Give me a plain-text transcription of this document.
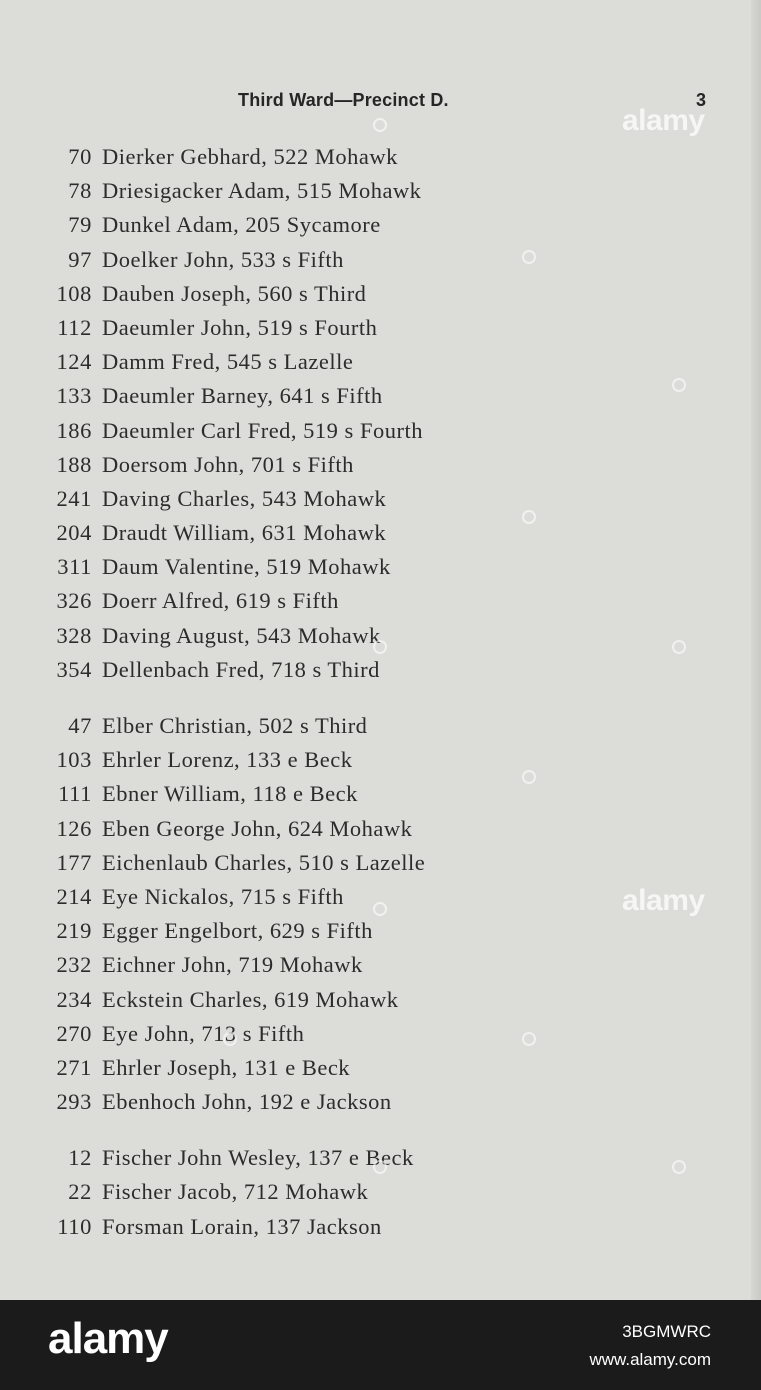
Third Ward—Precinct D.	3
70 Dierker Gebhard, 522 Mohawk
78 Driesigacker Adam, 515 Mohawk
79 Dunkel Adam, 205 Sycamore
97 Doelker John, 533 s Fifth
108 Dauben Joseph, 560 s Third
112 Daeumler John, 519 s Fourth
124 Damm Fred, 545 s Lazelle
133 Daeumler Barney, 641 s Fifth
186 Daeumler Carl Fred, 519 s Fourth
188 Doersom John, 701 s Fifth
241 Daving Charles, 543 Mohawk
204 Draudt William, 631 Mohawk
311 Daum Valentine, 519 Mohawk
326 Doerr Alfred, 619 s Fifth
328 Daving August, 543 Mohawk
354 Dellenbach Fred, 718 s Third
47 Elber Christian, 502 s Third
103 Ehrler Lorenz, 133 e Beck
111 Ebner William, 118 e Beck
126 Eben George John, 624 Mohawk
177 Eichenlaub Charles, 510 s Lazelle
214 Eye Nickalos, 715 s Fifth
219 Egger Engelbort, 629 s Fifth
232 Eichner John, 719 Mohawk
234 Eckstein Charles, 619 Mohawk
270 Eye John, 713 s Fifth
271 Ehrler Joseph, 131 e Beck
293 Ebenhoch John, 192 e Jackson
12 Fischer John Wesley, 137 e Beck
22 Fischer Jacob, 712 Mohawk
110 Forsman Lorain, 137 Jackson
alamy
alamy
alamy	3BGMWRC
www.alamy.com
